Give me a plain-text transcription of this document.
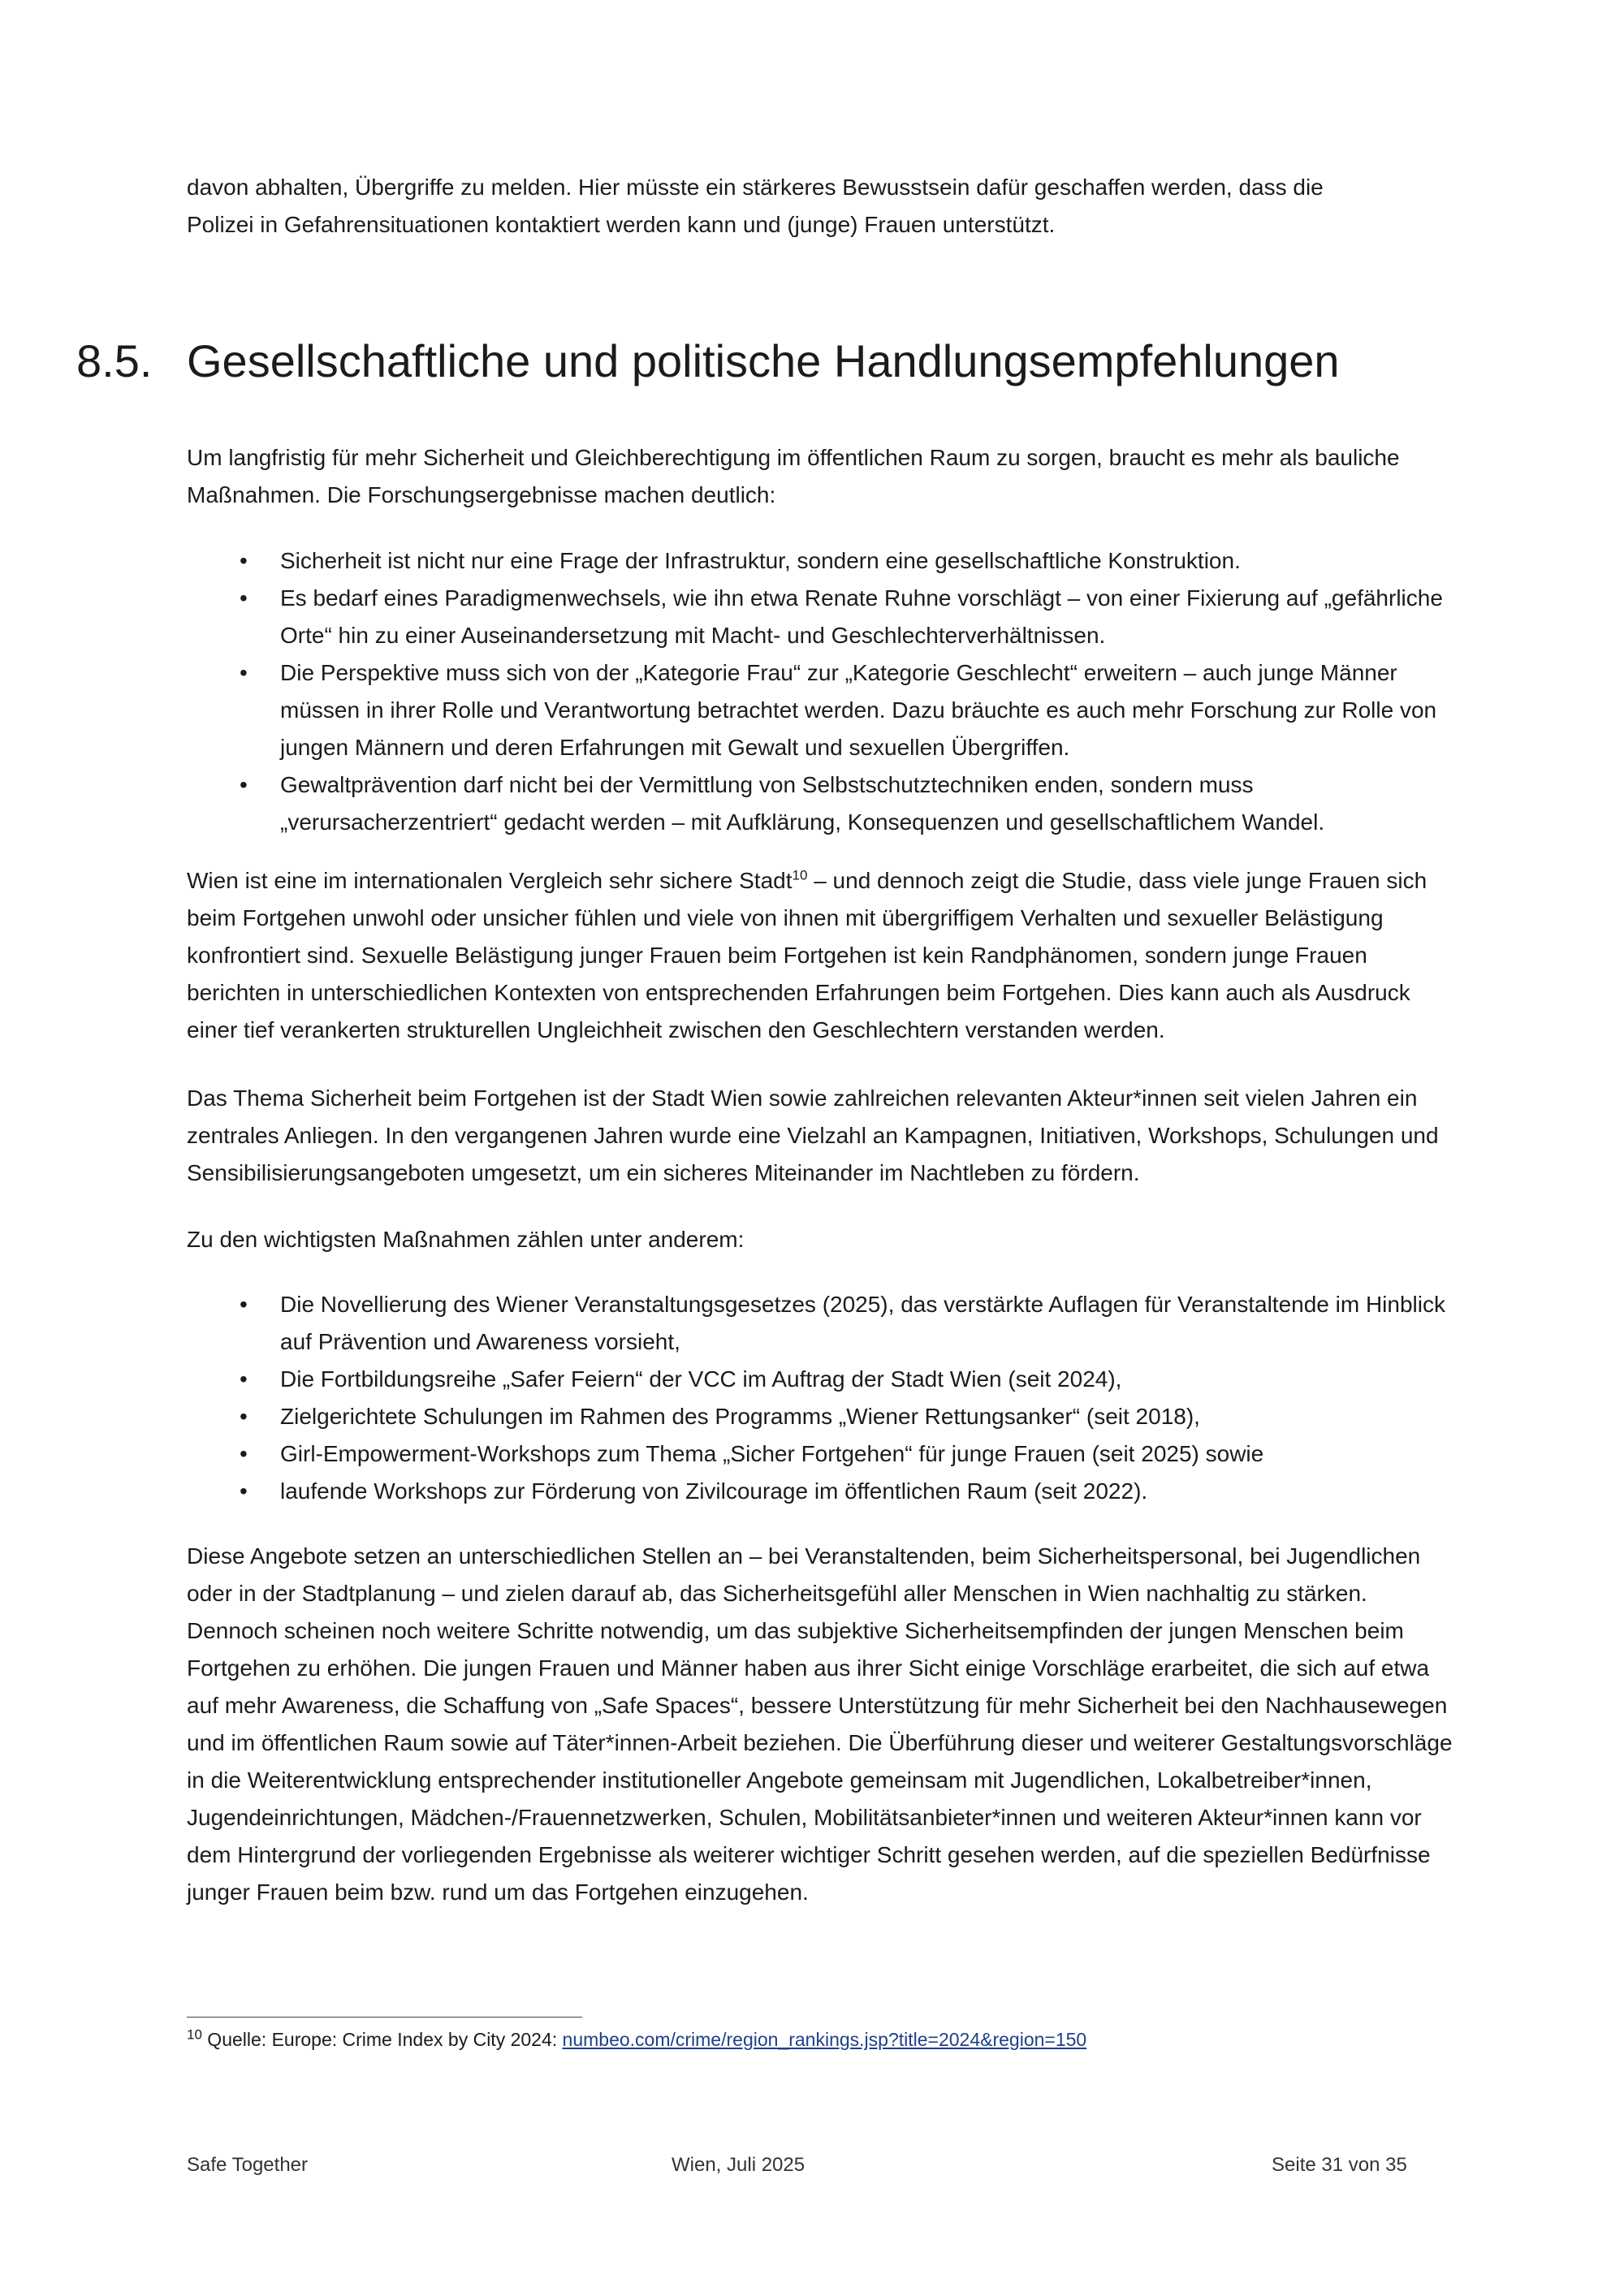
davon abhalten, Übergriffe zu melden. Hier müsste ein stärkeres Bewusstsein dafür geschaffen werden, dass die
Polizei in Gefahrensituationen kontaktiert werden kann und (junge) Frauen unterstützt.

8.5. Gesellschaftliche und politische Handlungsempfehlungen

Um langfristig für mehr Sicherheit und Gleichberechtigung im öffentlichen Raum zu sorgen, braucht es mehr als bauliche Maßnahmen. Die Forschungsergebnisse machen deutlich:

• Sicherheit ist nicht nur eine Frage der Infrastruktur, sondern eine gesellschaftliche Konstruktion.
• Es bedarf eines Paradigmenwechsels, wie ihn etwa Renate Ruhne vorschlägt – von einer Fixierung auf „gefährliche Orte“ hin zu einer Auseinandersetzung mit Macht- und Geschlechterverhältnissen.
• Die Perspektive muss sich von der „Kategorie Frau“ zur „Kategorie Geschlecht“ erweitern – auch junge Männer müssen in ihrer Rolle und Verantwortung betrachtet werden. Dazu bräuchte es auch mehr Forschung zur Rolle von jungen Männern und deren Erfahrungen mit Gewalt und sexuellen Übergriffen.
• Gewaltprävention darf nicht bei der Vermittlung von Selbstschutztechniken enden, sondern muss „verursacherzentriert“ gedacht werden – mit Aufklärung, Konsequenzen und gesellschaftlichem Wandel.

Wien ist eine im internationalen Vergleich sehr sichere Stadt$^{10}$ – und dennoch zeigt die Studie, dass viele junge Frauen sich beim Fortgehen unwohl oder unsicher fühlen und viele von ihnen mit übergriffigem Verhalten und sexueller Belästigung konfrontiert sind. Sexuelle Belästigung junger Frauen beim Fortgehen ist kein Randphänomen, sondern junge Frauen berichten in unterschiedlichen Kontexten von entsprechenden Erfahrungen beim Fortgehen. Dies kann auch als Ausdruck einer tief verankerten strukturellen Ungleichheit zwischen den Geschlechtern verstanden werden.

Das Thema Sicherheit beim Fortgehen ist der Stadt Wien sowie zahlreichen relevanten Akteur*innen seit vielen Jahren ein zentrales Anliegen. In den vergangenen Jahren wurde eine Vielzahl an Kampagnen, Initiativen, Workshops, Schulungen und Sensibilisierungsangeboten umgesetzt, um ein sicheres Miteinander im Nachtleben zu fördern.

Zu den wichtigsten Maßnahmen zählen unter anderem:

• Die Novellierung des Wiener Veranstaltungsgesetzes (2025), das verstärkte Auflagen für Veranstaltende im Hinblick auf Prävention und Awareness vorsieht,
• Die Fortbildungsreihe „Safer Feiern“ der VCC im Auftrag der Stadt Wien (seit 2024),
• Zielgerichtete Schulungen im Rahmen des Programms „Wiener Rettungsanker“ (seit 2018),
• Girl-Empowerment-Workshops zum Thema „Sicher Fortgehen“ für junge Frauen (seit 2025) sowie
• laufende Workshops zur Förderung von Zivilcourage im öffentlichen Raum (seit 2022).

Diese Angebote setzen an unterschiedlichen Stellen an – bei Veranstaltenden, beim Sicherheitspersonal, bei Jugendlichen oder in der Stadtplanung – und zielen darauf ab, das Sicherheitsgefühl aller Menschen in Wien nachhaltig zu stärken. Dennoch scheinen noch weitere Schritte notwendig, um das subjektive Sicherheitsempfinden der jungen Menschen beim Fortgehen zu erhöhen. Die jungen Frauen und Männer haben aus ihrer Sicht einige Vorschläge erarbeitet, die sich auf etwa auf mehr Awareness, die Schaffung von „Safe Spaces“, bessere Unterstützung für mehr Sicherheit bei den Nachhausewegen und im öffentlichen Raum sowie auf Täter*innen-Arbeit beziehen. Die Überführung dieser und weiterer Gestaltungsvorschläge in die Weiterentwicklung entsprechender institutioneller Angebote gemeinsam mit Jugendlichen, Lokalbetreiber*innen, Jugendeinrichtungen, Mädchen-/Frauennetzwerken, Schulen, Mobilitätsanbieter*innen und weiteren Akteur*innen kann vor dem Hintergrund der vorliegenden Ergebnisse als weiterer wichtiger Schritt gesehen werden, auf die speziellen Bedürfnisse junger Frauen beim bzw. rund um das Fortgehen einzugehen.

$^{10}$ Quelle: Europe: Crime Index by City 2024: numbeo.com/crime/region_rankings.jsp?title=2024&region=150

Safe Together	Wien, Juli 2025	Seite 31 von 35
